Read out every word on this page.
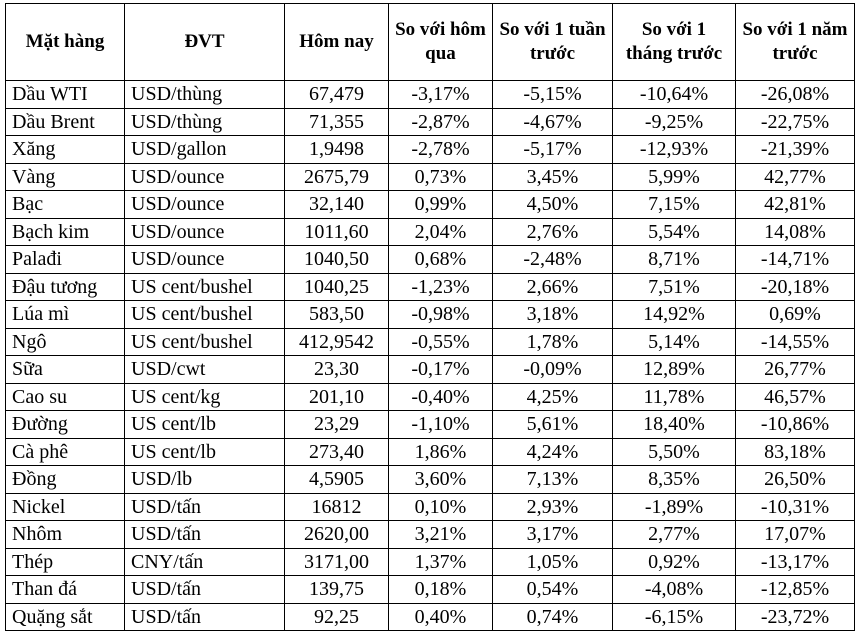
Mặt hàng	ĐVT	Hôm nay	So với hôm qua	So với 1 tuần trước	So với 1 tháng trước	So với 1 năm trước
Dầu WTI	USD/thùng	67,479	-3,17%	-5,15%	-10,64%	-26,08%
Dầu Brent	USD/thùng	71,355	-2,87%	-4,67%	-9,25%	-22,75%
Xăng	USD/gallon	1,9498	-2,78%	-5,17%	-12,93%	-21,39%
Vàng	USD/ounce	2675,79	0,73%	3,45%	5,99%	42,77%
Bạc	USD/ounce	32,140	0,99%	4,50%	7,15%	42,81%
Bạch kim	USD/ounce	1011,60	2,04%	2,76%	5,54%	14,08%
Palađi	USD/ounce	1040,50	0,68%	-2,48%	8,71%	-14,71%
Đậu tương	US cent/bushel	1040,25	-1,23%	2,66%	7,51%	-20,18%
Lúa mì	US cent/bushel	583,50	-0,98%	3,18%	14,92%	0,69%
Ngô	US cent/bushel	412,9542	-0,55%	1,78%	5,14%	-14,55%
Sữa	USD/cwt	23,30	-0,17%	-0,09%	12,89%	26,77%
Cao su	US cent/kg	201,10	-0,40%	4,25%	11,78%	46,57%
Đường	US cent/lb	23,29	-1,10%	5,61%	18,40%	-10,86%
Cà phê	US cent/lb	273,40	1,86%	4,24%	5,50%	83,18%
Đồng	USD/lb	4,5905	3,60%	7,13%	8,35%	26,50%
Nickel	USD/tấn	16812	0,10%	2,93%	-1,89%	-10,31%
Nhôm	USD/tấn	2620,00	3,21%	3,17%	2,77%	17,07%
Thép	CNY/tấn	3171,00	1,37%	1,05%	0,92%	-13,17%
Than đá	USD/tấn	139,75	0,18%	0,54%	-4,08%	-12,85%
Quặng sắt	USD/tấn	92,25	0,40%	0,74%	-6,15%	-23,72%
